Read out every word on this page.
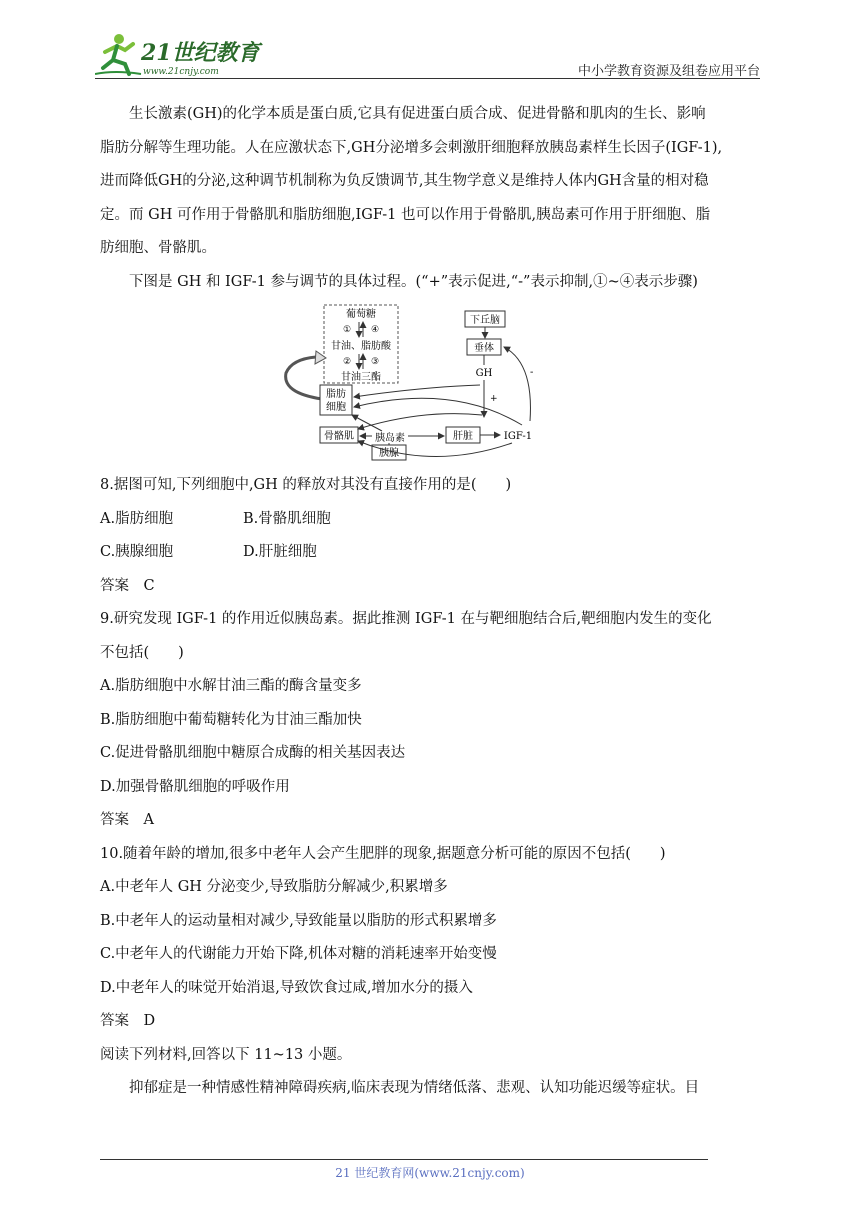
21世纪教育
www.21cnjy.com	中小学教育资源及组卷应用平台

生长激素(GH)的化学本质是蛋白质,它具有促进蛋白质合成、促进骨骼和肌肉的生长、影响

脂肪分解等生理功能。人在应激状态下,GH分泌增多会刺激肝细胞释放胰岛素样生长因子(IGF-1),

进而降低GH的分泌,这种调节机制称为负反馈调节,其生物学意义是维持人体内GH含量的相对稳

定。而 GH 可作用于骨骼肌和脂肪细胞,IGF-1 也可以作用于骨骼肌,胰岛素可作用于肝细胞、脂

肪细胞、骨骼肌。

下图是 GH 和 IGF-1 参与调节的具体过程。(“+”表示促进,“-”表示抑制,①~④表示步骤)

葡萄糖
① ④
甘油、脂肪酸
② ③
甘油三酯
脂肪
细胞
下丘脑
垂体
GH
+
-
骨骼肌 胰岛素
胰腺
肝脏	IGF-1

8.据图可知,下列细胞中,GH 的释放对其没有直接作用的是(　　)

A.脂肪细胞	B.骨骼肌细胞

C.胰腺细胞	D.肝脏细胞

答案　C

9.研究发现 IGF-1 的作用近似胰岛素。据此推测 IGF-1 在与靶细胞结合后,靶细胞内发生的变化

不包括(　　)

A.脂肪细胞中水解甘油三酯的酶含量变多

B.脂肪细胞中葡萄糖转化为甘油三酯加快

C.促进骨骼肌细胞中糖原合成酶的相关基因表达

D.加强骨骼肌细胞的呼吸作用

答案　A

10.随着年龄的增加,很多中老年人会产生肥胖的现象,据题意分析可能的原因不包括(　　)

A.中老年人 GH 分泌变少,导致脂肪分解减少,积累增多

B.中老年人的运动量相对减少,导致能量以脂肪的形式积累增多

C.中老年人的代谢能力开始下降,机体对糖的消耗速率开始变慢

D.中老年人的味觉开始消退,导致饮食过咸,增加水分的摄入

答案　D

阅读下列材料,回答以下 11~13 小题。

抑郁症是一种情感性精神障碍疾病,临床表现为情绪低落、悲观、认知功能迟缓等症状。目

21 世纪教育网(www.21cnjy.com)
